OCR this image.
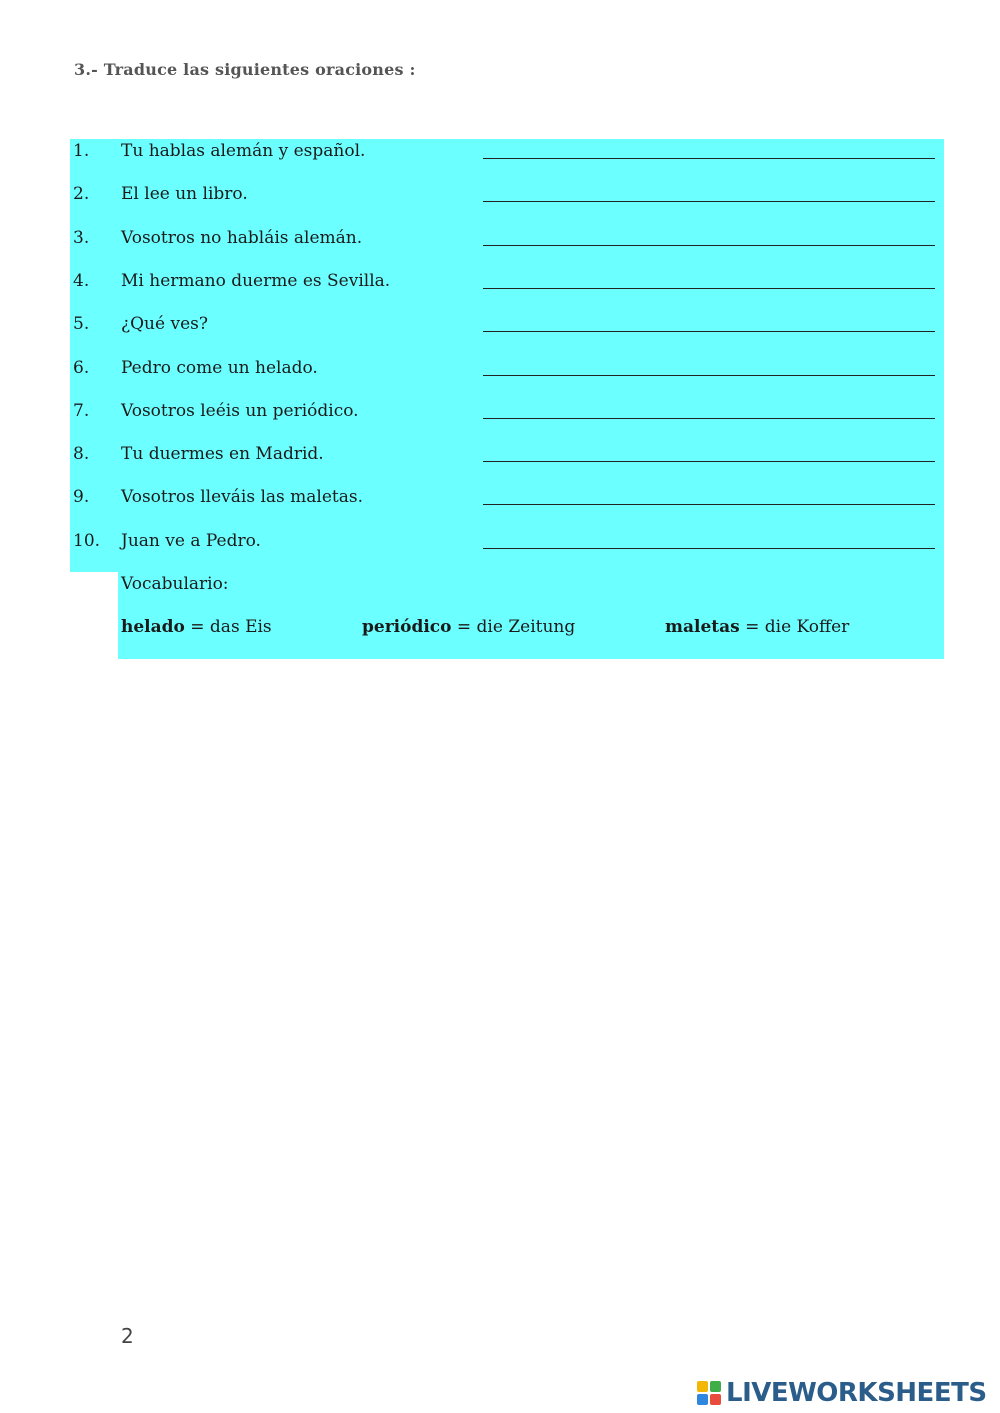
3.- Traduce las siguientes oraciones :
1. Tu hablas alemán y español.
2. El lee un libro.
3. Vosotros no habláis alemán.
4. Mi hermano duerme es Sevilla.
5. ¿Qué ves?
6. Pedro come un helado.
7. Vosotros leéis un periódico.
8. Tu duermes en Madrid.
9. Vosotros lleváis las maletas.
10. Juan ve a Pedro.
Vocabulario:
helado = das Eis	periódico = die Zeitung	maletas = die Koffer
2
LIVEWORKSHEETS
